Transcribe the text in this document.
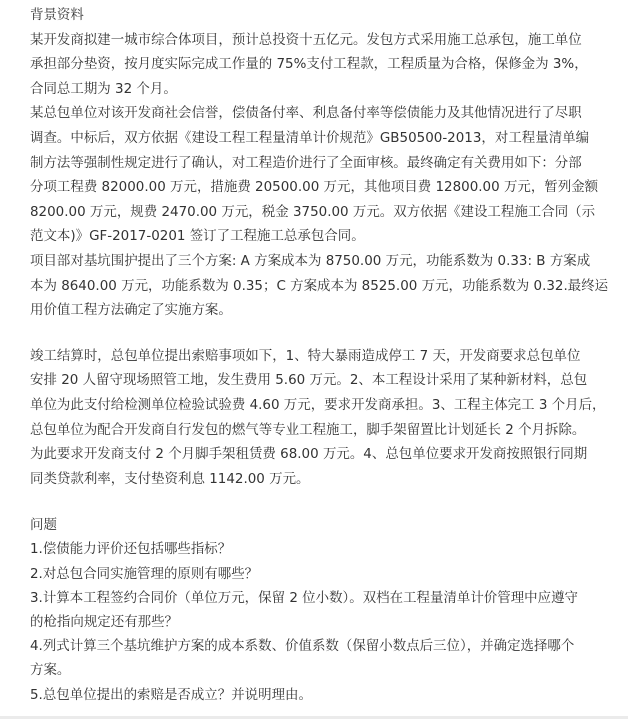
背景资料
某开发商拟建一城市综合体项目，预计总投资十五亿元。发包方式采用施工总承包，施工单位
承担部分垫资，按月度实际完成工作量的 75%支付工程款，工程质量为合格，保修金为 3%，
合同总工期为 32 个月。
某总包单位对该开发商社会信誉，偿债备付率、利息备付率等偿债能力及其他情况进行了尽职
调查。中标后，双方依据《建设工程工程量清单计价规范》GB50500-2013，对工程量清单编
制方法等强制性规定进行了确认，对工程造价进行了全面审核。最终确定有关费用如下：分部
分项工程费 82000.00 万元，措施费 20500.00 万元，其他项目费 12800.00 万元，暂列金额
8200.00 万元，规费 2470.00 万元，税金 3750.00 万元。双方依据《建设工程施工合同（示
范文本)》GF-2017-0201 签订了工程施工总承包合同。
项目部对基坑围护提出了三个方案: A 方案成本为 8750.00 万元，功能系数为 0.33: B 方案成
本为 8640.00 万元，功能系数为 0.35；C 方案成本为 8525.00 万元，功能系数为 0.32.最终运
用价值工程方法确定了实施方案。
竣工结算时，总包单位提出索赔事项如下，1、特大暴雨造成停工 7 天，开发商要求总包单位
安排 20 人留守现场照管工地，发生费用 5.60 万元。2、本工程设计采用了某种新材料，总包
单位为此支付给检测单位检验试验费 4.60 万元，要求开发商承担。3、工程主体完工 3 个月后，
总包单位为配合开发商自行发包的燃气等专业工程施工，脚手架留置比计划延长 2 个月拆除。
为此要求开发商支付 2 个月脚手架租赁费 68.00 万元。4、总包单位要求开发商按照银行同期
同类贷款利率，支付垫资利息 1142.00 万元。
问题
1.偿债能力评价还包括哪些指标？
2.对总包合同实施管理的原则有哪些？
3.计算本工程签约合同价（单位万元，保留 2 位小数）。双档在工程量清单计价管理中应遵守
的枪指向规定还有那些？
4.列式计算三个基坑维护方案的成本系数、价值系数（保留小数点后三位），并确定选择哪个
方案。
5.总包单位提出的索赔是否成立？并说明理由。
